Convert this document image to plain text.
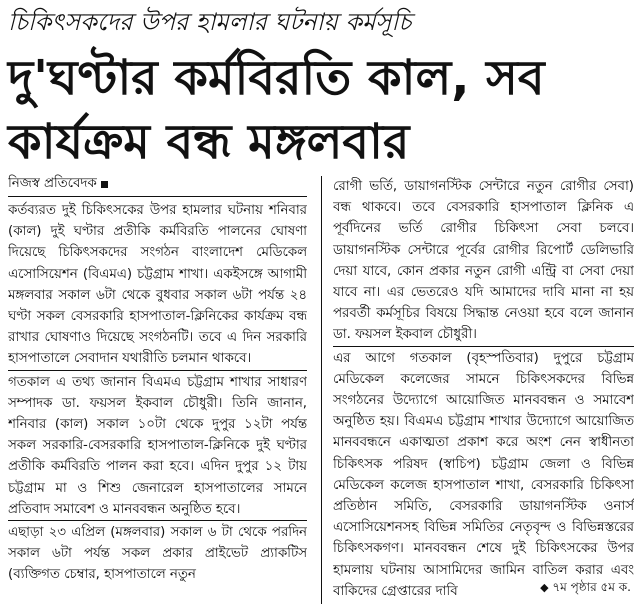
চিকিৎসকদের উপর হামলার ঘটনায় কর্মসূচি
দু'ঘণ্টার কর্মবিরতি কাল, সব
কার্যক্রম বন্ধ মঙ্গলবার
নিজস্ব প্রতিবেদক

কর্তব্যরত দুই চিকিৎসকের উপর হামলার ঘটনায় শনিবার (কাল) দুই ঘণ্টার প্রতীকি কর্মবিরতি পালনের ঘোষণা দিয়েছে চিকিৎসকদের সংগঠন বাংলাদেশ মেডিকেল এসোসিয়েশন (বিএমএ) চট্টগ্রাম শাখা। একইসঙ্গে আগামী মঙ্গলবার সকাল ৬টা থেকে বুধবার সকাল ৬টা পর্যন্ত ২৪ ঘণ্টা সকল বেসরকারি হাসপাতাল-ক্লিনিকের কার্যক্রম বন্ধ রাখার ঘোষণাও দিয়েছে সংগঠনটি। তবে এ দিন সরকারি হাসপাতালে সেবাদান যথারীতি চলমান থাকবে।

গতকাল এ তথ্য জানান বিএমএ চট্টগ্রাম শাখার সাধারণ সম্পাদক ডা. ফয়সল ইকবাল চৌধুরী। তিনি জানান, শনিবার (কাল) সকাল ১০টা থেকে দুপুর ১২টা পর্যন্ত সকল সরকারি-বেসরকারি হাসপাতাল-ক্লিনিকে দুই ঘণ্টার প্রতীকি কর্মবিরতি পালন করা হবে। এদিন দুপুর ১২ টায় চট্টগ্রাম মা ও শিশু জেনারেল হাসপাতালের সামনে প্রতিবাদ সমাবেশ ও মানববন্ধন অনুষ্ঠিত হবে।

এছাড়া ২৩ এপ্রিল (মঙ্গলবার) সকাল ৬ টা থেকে পরদিন সকাল ৬টা পর্যন্ত সকল প্রকার প্রাইভেট প্র্যাকটিস (ব্যক্তিগত চেম্বার, হাসপাতালে নতুন

রোগী ভর্তি, ডায়াগনস্টিক সেন্টারে নতুন রোগীর সেবা) বন্ধ থাকবে। তবে বেসরকারি হাসপাতাল ক্লিনিক এ পূর্বদিনের ভর্তি রোগীর চিকিৎসা সেবা চলবে। ডায়াগনস্টিক সেন্টারে পূর্বের রোগীর রিপোর্ট ডেলিভারি দেয়া যাবে, কোন প্রকার নতুন রোগী এন্ট্রি বা সেবা দেয়া যাবে না। এর ভেতরেও যদি আমাদের দাবি মানা না হয় পরবর্তী কর্মসূচির বিষয়ে সিদ্ধান্ত নেওয়া হবে বলে জানান ডা. ফয়সল ইকবাল চৌধুরী।

এর আগে গতকাল (বৃহস্পতিবার) দুপুরে চট্টগ্রাম মেডিকেল কলেজের সামনে চিকিৎসকদের বিভিন্ন সংগঠনের উদ্যোগে আয়োজিত মানববন্ধন ও সমাবেশ অনুষ্ঠিত হয়। বিএমএ চট্টগ্রাম শাখার উদ্যোগে আয়োজিত মানববন্ধনে একাত্মতা প্রকাশ করে অংশ নেন স্বাধীনতা চিকিৎসক পরিষদ (স্বাচিপ) চট্টগ্রাম জেলা ও বিভিন্ন মেডিকেল কলেজ হাসপাতাল শাখা, বেসরকারি চিকিৎসা প্রতিষ্ঠান সমিতি, বেসরকারি ডায়াগনস্টিক ওনার্স এসোসিয়েশনসহ বিভিন্ন সমিতির নেতৃবৃন্দ ও বিভিন্নস্তরের চিকিৎসকগণ। মানববন্ধন শেষে দুই চিকিৎসকের উপর হামলায় ঘটনায় আসামিদের জামিন বাতিল করার এবং বাকিদের গ্রেপ্তারের দাবি	◆ ৭ম পৃষ্ঠার ৫ম ক.
